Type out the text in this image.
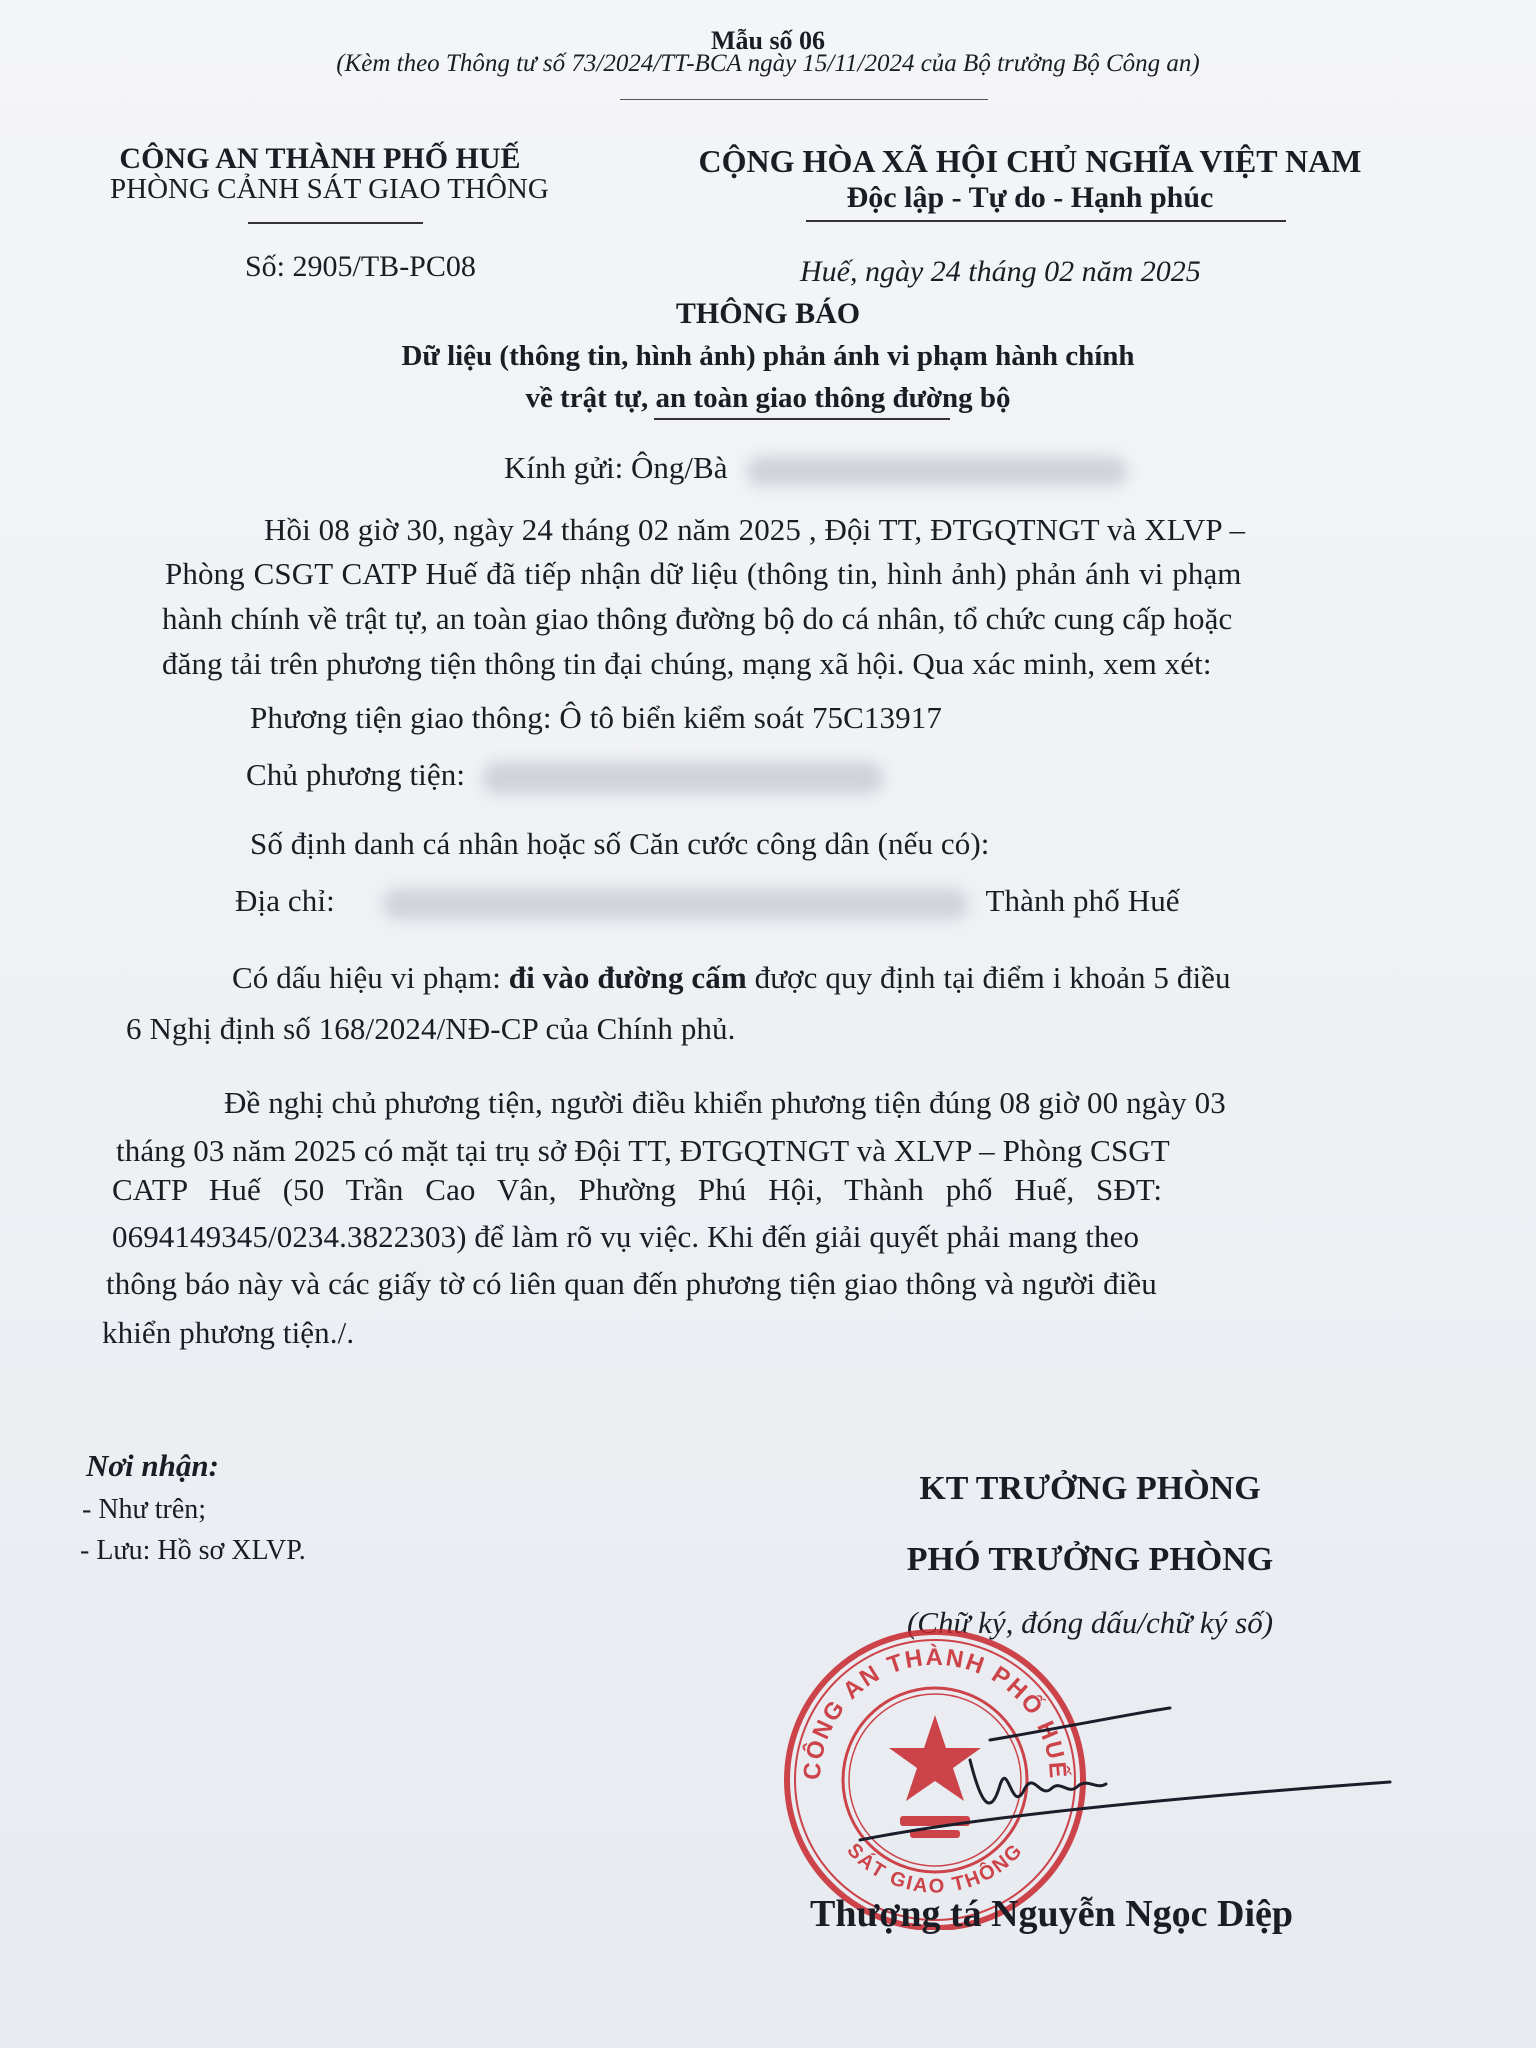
Mẫu số 06
(Kèm theo Thông tư số 73/2024/TT-BCA ngày 15/11/2024 của Bộ trưởng Bộ Công an)
CÔNG AN THÀNH PHỐ HUẾ
PHÒNG CẢNH SÁT GIAO THÔNG
CỘNG HÒA XÃ HỘI CHỦ NGHĨA VIỆT NAM
Độc lập - Tự do - Hạnh phúc
Số: 2905/TB-PC08	Huế, ngày 24 tháng 02 năm 2025
THÔNG BÁO
Dữ liệu (thông tin, hình ảnh) phản ánh vi phạm hành chính
về trật tự, an toàn giao thông đường bộ
Kính gửi: Ông/Bà
Hồi 08 giờ 30, ngày 24 tháng 02 năm 2025 , Đội TT, ĐTGQTNGT và XLVP –
Phòng CSGT CATP Huế đã tiếp nhận dữ liệu (thông tin, hình ảnh) phản ánh vi phạm
hành chính về trật tự, an toàn giao thông đường bộ do cá nhân, tổ chức cung cấp hoặc
đăng tải trên phương tiện thông tin đại chúng, mạng xã hội. Qua xác minh, xem xét:
Phương tiện giao thông: Ô tô biển kiểm soát 75C13917
Chủ phương tiện:
Số định danh cá nhân hoặc số Căn cước công dân (nếu có):
Địa chỉ:	Thành phố Huế
Có dấu hiệu vi phạm: đi vào đường cấm được quy định tại điểm i khoản 5 điều
6 Nghị định số 168/2024/NĐ-CP của Chính phủ.
Đề nghị chủ phương tiện, người điều khiển phương tiện đúng 08 giờ 00 ngày 03
tháng 03 năm 2025 có mặt tại trụ sở Đội TT, ĐTGQTNGT và XLVP – Phòng CSGT
CATP Huế (50 Trần Cao Vân, Phường Phú Hội, Thành phố Huế, SĐT:
0694149345/0234.3822303) để làm rõ vụ việc. Khi đến giải quyết phải mang theo
thông báo này và các giấy tờ có liên quan đến phương tiện giao thông và người điều
khiển phương tiện./.
Nơi nhận:
- Như trên;
- Lưu: Hồ sơ XLVP.
KT TRƯỞNG PHÒNG
PHÓ TRƯỞNG PHÒNG
(Chữ ký, đóng dấu/chữ ký số)
CÔNG AN THÀNH PHỐ HUẾ
SÁT GIAO THÔNG
Thượng tá Nguyễn Ngọc Diệp
